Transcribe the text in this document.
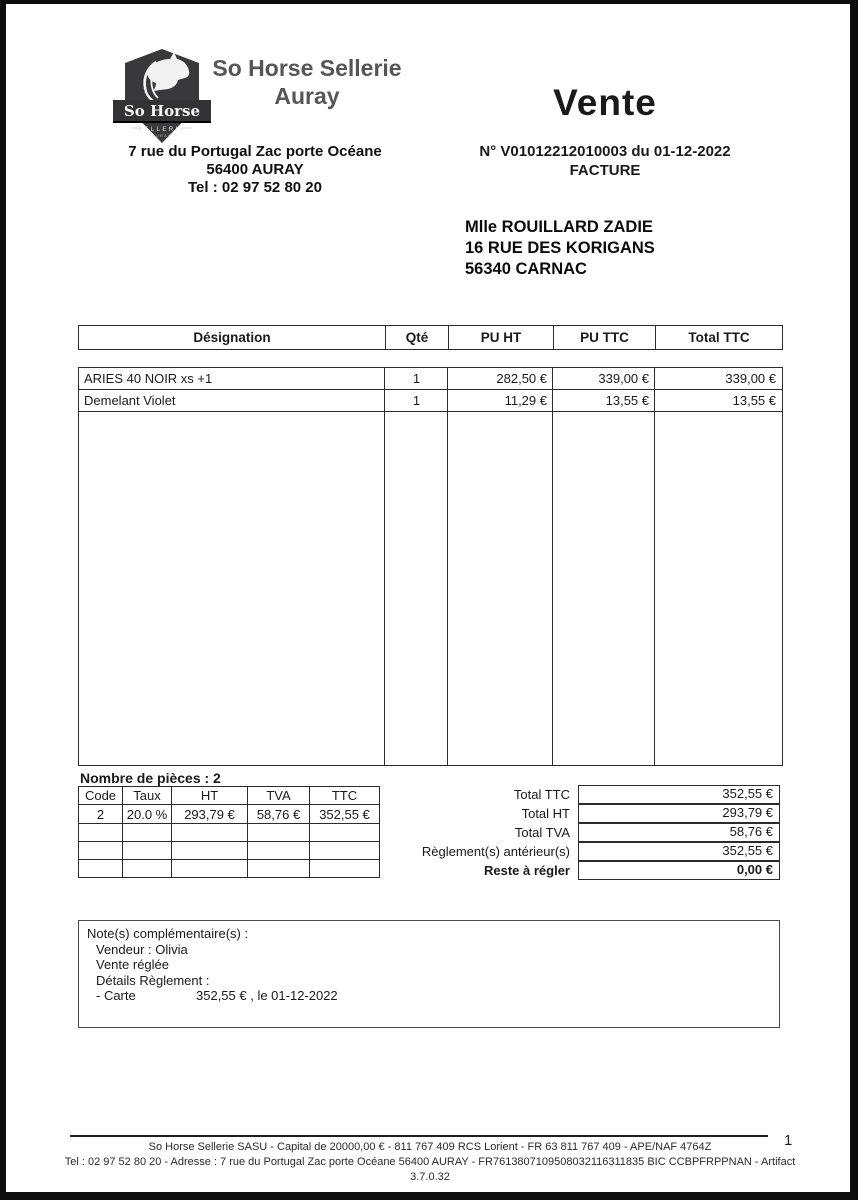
So Horse
SELLERIE
AURAY
So Horse Sellerie
Auray
7 rue du Portugal Zac porte Océane
56400 AURAY
Tel : 02 97 52 80 20
Vente
N° V01012212010003 du 01-12-2022
FACTURE
Mlle ROUILLARD ZADIE
16 RUE DES KORIGANS
56340 CARNAC
Désignation	Qté	PU HT	PU TTC	Total TTC
ARIES 40 NOIR xs +1	1	282,50 €	339,00 €	339,00 €
Demelant Violet	1	11,29 €	13,55 €	13,55 €
Nombre de pièces : 2
Code	Taux	HT	TVA	TTC
2	20.0 %	293,79 €	58,76 €	352,55 €

Total TTC	352,55 €
Total HT	293,79 €
Total TVA	58,76 €
Règlement(s) antérieur(s)	352,55 €
Reste à régler	0,00 €
Note(s) complémentaire(s) :
Vendeur : Olivia
Vente réglée
Détails Règlement :
- Carte	352,55 € , le 01-12-2022
1
So Horse Sellerie SASU - Capital de 20000,00 € - 811 767 409 RCS Lorient - FR 63 811 767 409 - APE/NAF 4764Z
Tel : 02 97 52 80 20 - Adresse : 7 rue du Portugal Zac porte Océane 56400 AURAY - FR7613807109508032116311835 BIC CCBPFRPPNAN - Artifact
3.7.0.32
